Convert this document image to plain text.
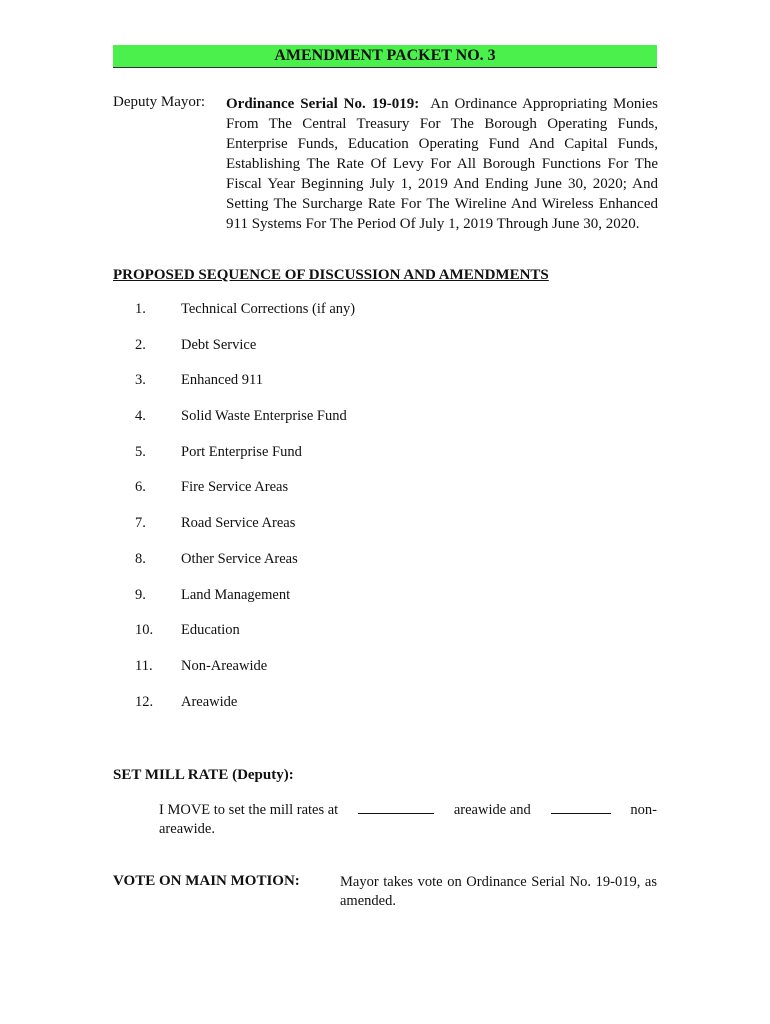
AMENDMENT PACKET NO. 3
Deputy Mayor: Ordinance Serial No. 19-019: An Ordinance Appropriating Monies From The Central Treasury For The Borough Operating Funds, Enterprise Funds, Education Operating Fund And Capital Funds, Establishing The Rate Of Levy For All Borough Functions For The Fiscal Year Beginning July 1, 2019 And Ending June 30, 2020; And Setting The Surcharge Rate For The Wireline And Wireless Enhanced 911 Systems For The Period Of July 1, 2019 Through June 30, 2020.
PROPOSED SEQUENCE OF DISCUSSION AND AMENDMENTS
1.	Technical Corrections (if any)
2.	Debt Service
3.	Enhanced 911
4.	Solid Waste Enterprise Fund
5.	Port Enterprise Fund
6.	Fire Service Areas
7.	Road Service Areas
8.	Other Service Areas
9.	Land Management
10.	Education
11.	Non-Areawide
12.	Areawide
SET MILL RATE (Deputy):
I MOVE to set the mill rates at	areawide and	non-
areawide.
VOTE ON MAIN MOTION:	Mayor takes vote on Ordinance Serial No. 19-019, as amended.
